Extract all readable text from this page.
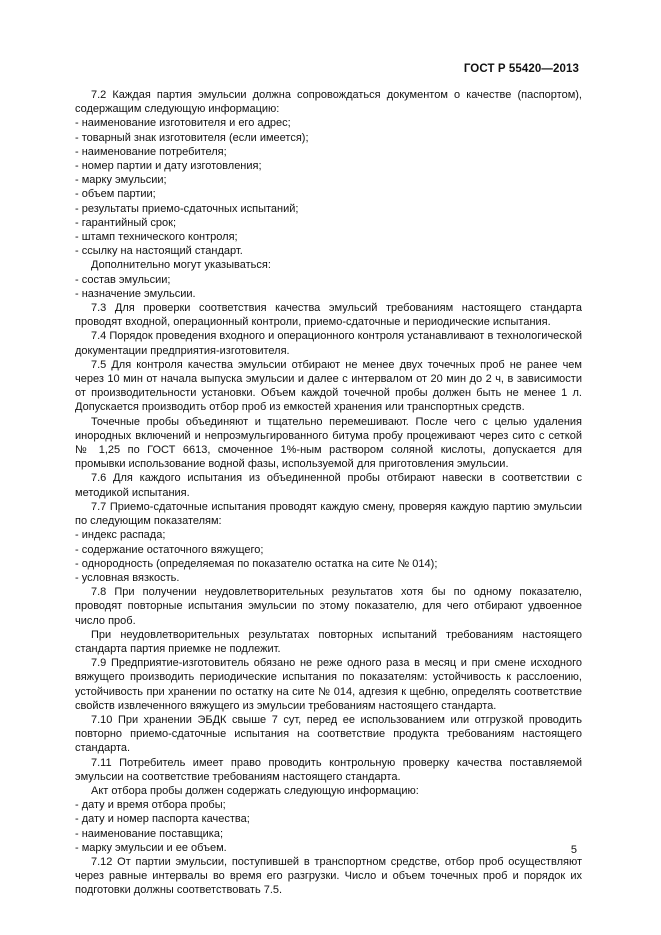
ГОСТ Р 55420—2013
7.2 Каждая партия эмульсии должна сопровождаться документом о качестве (паспортом), содержащим следующую информацию:
- наименование изготовителя и его адрес;
- товарный знак изготовителя (если имеется);
- наименование потребителя;
- номер партии и дату изготовления;
- марку эмульсии;
- объем партии;
- результаты приемо-сдаточных испытаний;
- гарантийный срок;
- штамп технического контроля;
- ссылку на настоящий стандарт.
Дополнительно могут указываться:
- состав эмульсии;
- назначение эмульсии.
7.3 Для проверки соответствия качества эмульсий требованиям настоящего стандарта проводят входной, операционный контроли, приемо-сдаточные и периодические испытания.
7.4 Порядок проведения входного и операционного контроля устанавливают в технологической документации предприятия-изготовителя.
7.5 Для контроля качества эмульсии отбирают не менее двух точечных проб не ранее чем через 10 мин от начала выпуска эмульсии и далее с интервалом от 20 мин до 2 ч, в зависимости от производительности установки. Объем каждой точечной пробы должен быть не менее 1 л. Допускается производить отбор проб из емкостей хранения или транспортных средств.
Точечные пробы объединяют и тщательно перемешивают. После чего с целью удаления инородных включений и непроэмульгированного битума пробу процеживают через сито с сеткой № 1,25 по ГОСТ 6613, смоченное 1%-ным раствором соляной кислоты, допускается для промывки использование водной фазы, используемой для приготовления эмульсии.
7.6 Для каждого испытания из объединенной пробы отбирают навески в соответствии с методикой испытания.
7.7 Приемо-сдаточные испытания проводят каждую смену, проверяя каждую партию эмульсии по следующим показателям:
- индекс распада;
- содержание остаточного вяжущего;
- однородность (определяемая по показателю остатка на сите № 014);
- условная вязкость.
7.8 При получении неудовлетворительных результатов хотя бы по одному показателю, проводят повторные испытания эмульсии по этому показателю, для чего отбирают удвоенное число проб.
При неудовлетворительных результатах повторных испытаний требованиям настоящего стандарта партия приемке не подлежит.
7.9 Предприятие-изготовитель обязано не реже одного раза в месяц и при смене исходного вяжущего производить периодические испытания по показателям: устойчивость к расслоению, устойчивость при хранении по остатку на сите № 014, адгезия к щебню, определять соответствие свойств извлеченного вяжущего из эмульсии требованиям настоящего стандарта.
7.10 При хранении ЭБДК свыше 7 сут, перед ее использованием или отгрузкой проводить повторно приемо-сдаточные испытания на соответствие продукта требованиям настоящего стандарта.
7.11 Потребитель имеет право проводить контрольную проверку качества поставляемой эмульсии на соответствие требованиям настоящего стандарта.
Акт отбора пробы должен содержать следующую информацию:
- дату и время отбора пробы;
- дату и номер паспорта качества;
- наименование поставщика;
- марку эмульсии и ее объем.
7.12 От партии эмульсии, поступившей в транспортном средстве, отбор проб осуществляют через равные интервалы во время его разгрузки. Число и объем точечных проб и порядок их подготовки должны соответствовать 7.5.
5
